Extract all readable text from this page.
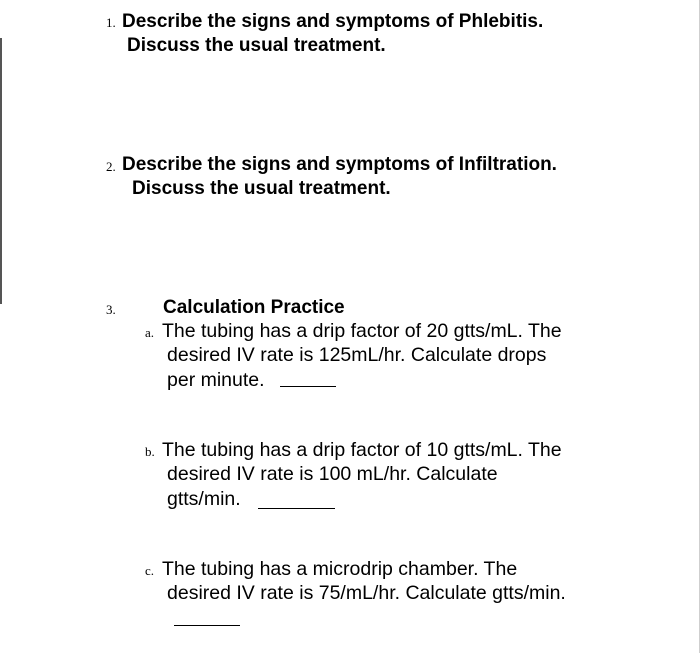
1. Describe the signs and symptoms of Phlebitis.
Discuss the usual treatment.
2. Describe the signs and symptoms of Infiltration.
Discuss the usual treatment.
3. Calculation Practice
a. The tubing has a drip factor of 20 gtts/mL. The
desired IV rate is 125mL/hr. Calculate drops
per minute.
b. The tubing has a drip factor of 10 gtts/mL. The
desired IV rate is 100 mL/hr. Calculate
gtts/min.
c. The tubing has a microdrip chamber. The
desired IV rate is 75/mL/hr. Calculate gtts/min.
